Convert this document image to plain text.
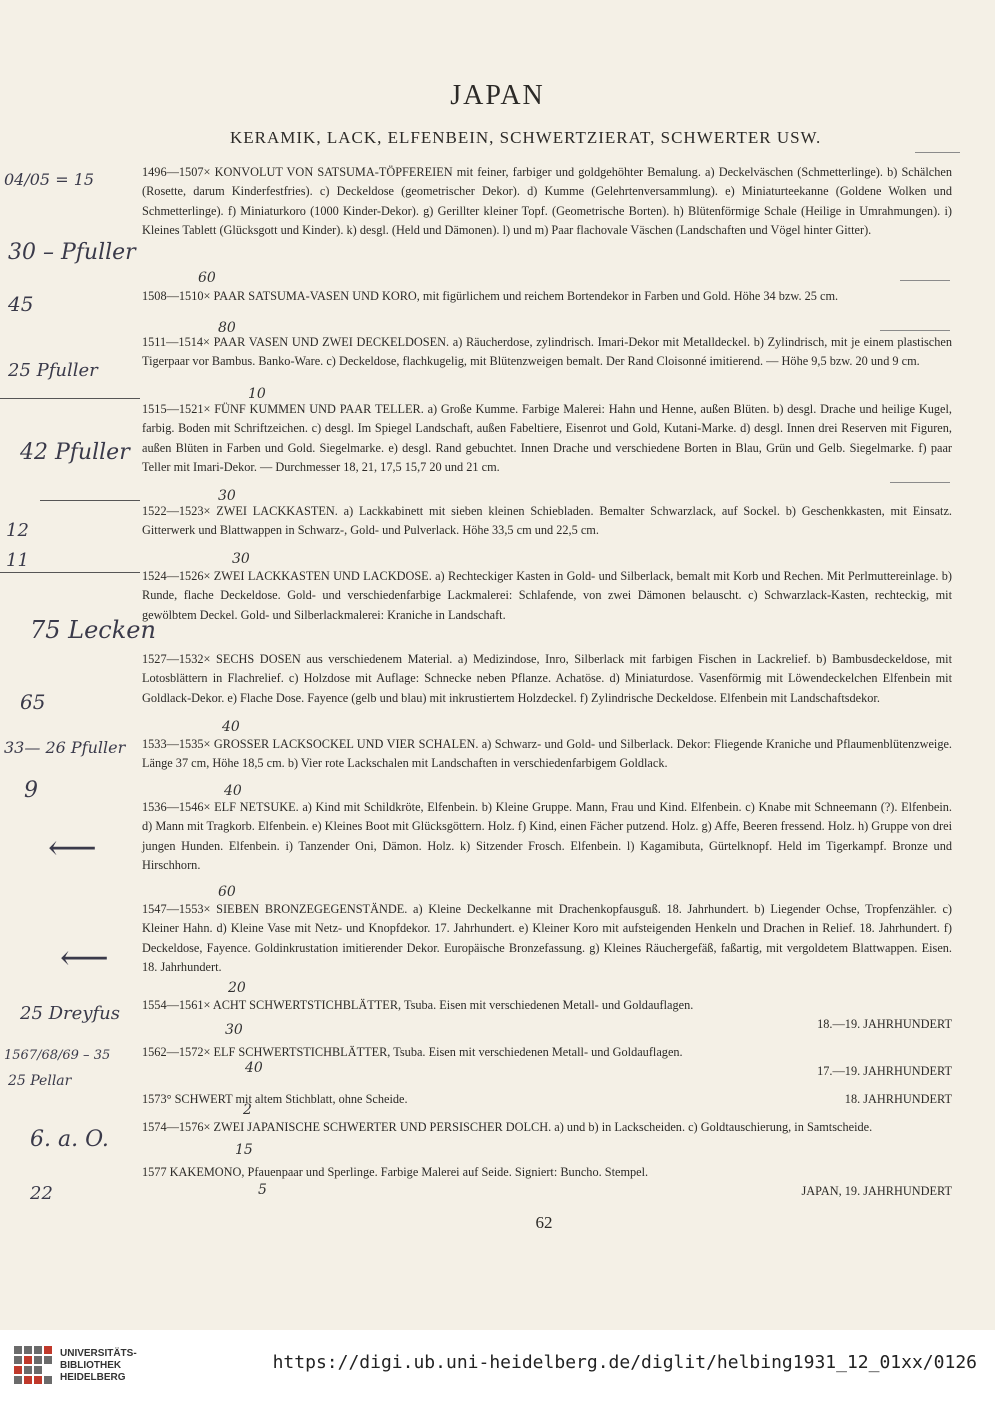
JAPAN
KERAMIK, LACK, ELFENBEIN, SCHWERTZIERAT, SCHWERTER USW.
1496—1507× KONVOLUT VON SATSUMA-TÖPFEREIEN mit feiner, farbiger und goldgehöhter Bemalung. a) Deckelväschen (Schmetterlinge). b) Schälchen (Rosette, darum Kinderfestfries). c) Deckeldose (geometrischer Dekor). d) Kumme (Gelehrtenversammlung). e) Miniaturteekanne (Goldene Wolken und Schmetterlinge). f) Miniaturkoro (1000 Kinder-Dekor). g) Gerillter kleiner Topf. (Geometrische Borten). h) Blütenförmige Schale (Heilige in Umrahmungen). i) Kleines Tablett (Glücksgott und Kinder). k) desgl. (Held und Dämonen). l) und m) Paar flachovale Väschen (Landschaften und Vögel hinter Gitter).
1508—1510× PAAR SATSUMA-VASEN UND KORO, mit figürlichem und reichem Bortendekor in Farben und Gold. Höhe 34 bzw. 25 cm.
1511—1514× PAAR VASEN UND ZWEI DECKELDOSEN. a) Räucherdose, zylindrisch. Imari-Dekor mit Metalldeckel. b) Zylindrisch, mit je einem plastischen Tigerpaar vor Bambus. Banko-Ware. c) Deckeldose, flachkugelig, mit Blütenzweigen bemalt. Der Rand Cloisonné imitierend. — Höhe 9,5 bzw. 20 und 9 cm.
1515—1521× FÜNF KUMMEN UND PAAR TELLER. a) Große Kumme. Farbige Malerei: Hahn und Henne, außen Blüten. b) desgl. Drache und heilige Kugel, farbig. Boden mit Schriftzeichen. c) desgl. Im Spiegel Landschaft, außen Fabeltiere, Eisenrot und Gold, Kutani-Marke. d) desgl. Innen drei Reserven mit Figuren, außen Blüten in Farben und Gold. Siegelmarke. e) desgl. Rand gebuchtet. Innen Drache und verschiedene Borten in Blau, Grün und Gelb. Siegelmarke. f) paar Teller mit Imari-Dekor. — Durchmesser 18, 21, 17,5 15,7 20 und 21 cm.
1522—1523× ZWEI LACKKASTEN. a) Lackkabinett mit sieben kleinen Schiebladen. Bemalter Schwarzlack, auf Sockel. b) Geschenkkasten, mit Einsatz. Gitterwerk und Blattwappen in Schwarz-, Gold- und Pulverlack. Höhe 33,5 cm und 22,5 cm.
1524—1526× ZWEI LACKKASTEN UND LACKDOSE. a) Rechteckiger Kasten in Gold- und Silberlack, bemalt mit Korb und Rechen. Mit Perlmuttereinlage. b) Runde, flache Deckeldose. Gold- und verschiedenfarbige Lackmalerei: Schlafende, von zwei Dämonen belauscht. c) Schwarzlack-Kasten, rechteckig, mit gewölbtem Deckel. Gold- und Silberlackmalerei: Kraniche in Landschaft.
1527—1532× SECHS DOSEN aus verschiedenem Material. a) Medizindose, Inro, Silberlack mit farbigen Fischen in Lackrelief. b) Bambusdeckeldose, mit Lotosblättern in Flachrelief. c) Holzdose mit Auflage: Schnecke neben Pflanze. Achatöse. d) Miniaturdose. Vasenförmig mit Löwendeckelchen Elfenbein mit Goldlack-Dekor. e) Flache Dose. Fayence (gelb und blau) mit inkrustiertem Holzdeckel. f) Zylindrische Deckeldose. Elfenbein mit Landschaftsdekor.
1533—1535× GROSSER LACKSOCKEL UND VIER SCHALEN. a) Schwarz- und Gold- und Silberlack. Dekor: Fliegende Kraniche und Pflaumenblütenzweige. Länge 37 cm, Höhe 18,5 cm. b) Vier rote Lackschalen mit Landschaften in verschiedenfarbigem Goldlack.
1536—1546× ELF NETSUKE. a) Kind mit Schildkröte, Elfenbein. b) Kleine Gruppe. Mann, Frau und Kind. Elfenbein. c) Knabe mit Schneemann (?). Elfenbein. d) Mann mit Tragkorb. Elfenbein. e) Kleines Boot mit Glücksgöttern. Holz. f) Kind, einen Fächer putzend. Holz. g) Affe, Beeren fressend. Holz. h) Gruppe von drei jungen Hunden. Elfenbein. i) Tanzender Oni, Dämon. Holz. k) Sitzender Frosch. Elfenbein. l) Kagamibuta, Gürtelknopf. Held im Tigerkampf. Bronze und Hirschhorn.
1547—1553× SIEBEN BRONZEGEGENSTÄNDE. a) Kleine Deckelkanne mit Drachenkopfausguß. 18. Jahrhundert. b) Liegender Ochse, Tropfenzähler. c) Kleiner Hahn. d) Kleine Vase mit Netz- und Knopfdekor. 17. Jahrhundert. e) Kleiner Koro mit aufsteigenden Henkeln und Drachen in Relief. 18. Jahrhundert. f) Deckeldose, Fayence. Goldinkrustation imitierender Dekor. Europäische Bronzefassung. g) Kleines Räuchergefäß, faßartig, mit vergoldetem Blattwappen. Eisen. 18. Jahrhundert.
1554—1561× ACHT SCHWERTSTICHBLÄTTER, Tsuba. Eisen mit verschiedenen Metall- und Goldauflagen.

18.—19. JAHRHUNDERT
1562—1572× ELF SCHWERTSTICHBLÄTTER, Tsuba. Eisen mit verschiedenen Metall- und Goldauflagen.

17.—19. JAHRHUNDERT
1573° SCHWERT mit altem Stichblatt, ohne Scheide.	18. JAHRHUNDERT
1574—1576× ZWEI JAPANISCHE SCHWERTER UND PERSISCHER DOLCH. a) und b) in Lackscheiden. c) Goldtauschierung, in Samtscheide.
1577 KAKEMONO, Pfauenpaar und Sperlinge. Farbige Malerei auf Seide. Signiert: Buncho. Stempel.

JAPAN, 19. JAHRHUNDERT
60
80
10
30
30
40
40
60
20
30
40
2
15
5
04/05 = 15
30 – Pfuller
45
25 Pfuller
42 Pfuller
12
11
75 Lecken
65
33— 26 Pfuller
9
25 Dreyfus
1567/68/69 – 35
25 Pellar
6. a. O.
22
⟵
⟵
62
UNIVERSITÄTS-
BIBLIOTHEK
HEIDELBERG
https://digi.ub.uni-heidelberg.de/diglit/helbing1931_12_01xx/0126
